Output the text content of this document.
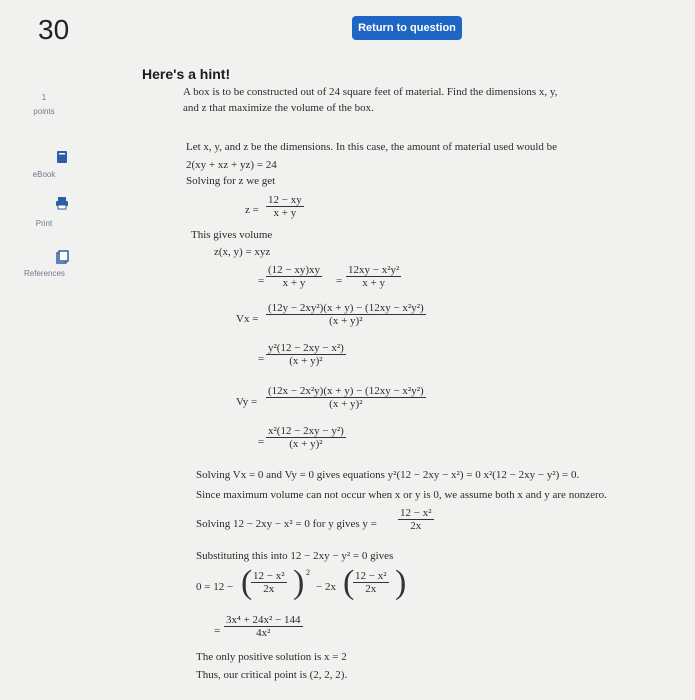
30	Return to question
Here's a hint!
1
points
eBook
Print
References
A box is to be constructed out of 24 square feet of material. Find the dimensions x, y,
and z that maximize the volume of the box.
Let x, y, and z be the dimensions. In this case, the amount of material used would be
2(xy + xz + yz) = 24
Solving for z we get
$z = \frac{12 - xy}{x + y}$
This gives volume
z(x, y) = xyz
= $\frac{(12 - xy)xy}{x + y} = \frac{\text{12xy − x²y²}}{x + y}$
$Vx = \frac{\text{(12y − 2xy²)(x + y) − (12xy − x²y²)}}{\text{(x + y)²}}$
= $\frac{\text{y²(12 − 2xy − x²)}}{\text{(x + y)²}}$
$Vy = \frac{\text{(12x − 2x²y)(x + y) − (12xy − x²y²)}}{\text{(x + y)²}}$
= $\frac{\text{x²(12 − 2xy − y²)}}{\text{(x + y)²}}$
Solving Vx = 0 and Vy = 0 gives equations y²(12 − 2xy − x²) = 0 x²(12 − 2xy − y²) = 0.
Since maximum volume can not occur when x or y is 0, we assume both x and y are nonzero.
Solving 12 − 2xy − x² = 0 for y gives $y = \frac{\text{12 − x²}}{2x}$
Substituting this into 12 − 2xy − y² = 0 gives
0 = 12 − (
$\frac{\text{12 − x²}}{2x}$ ) 2
− 2x (
$\frac{\text{12 − x²}}{2x}$ )
= $\frac{\text{3x⁴ + 24x² − 144}}{\text{4x²}}$
The only positive solution is x = 2
Thus, our critical point is (2, 2, 2).
